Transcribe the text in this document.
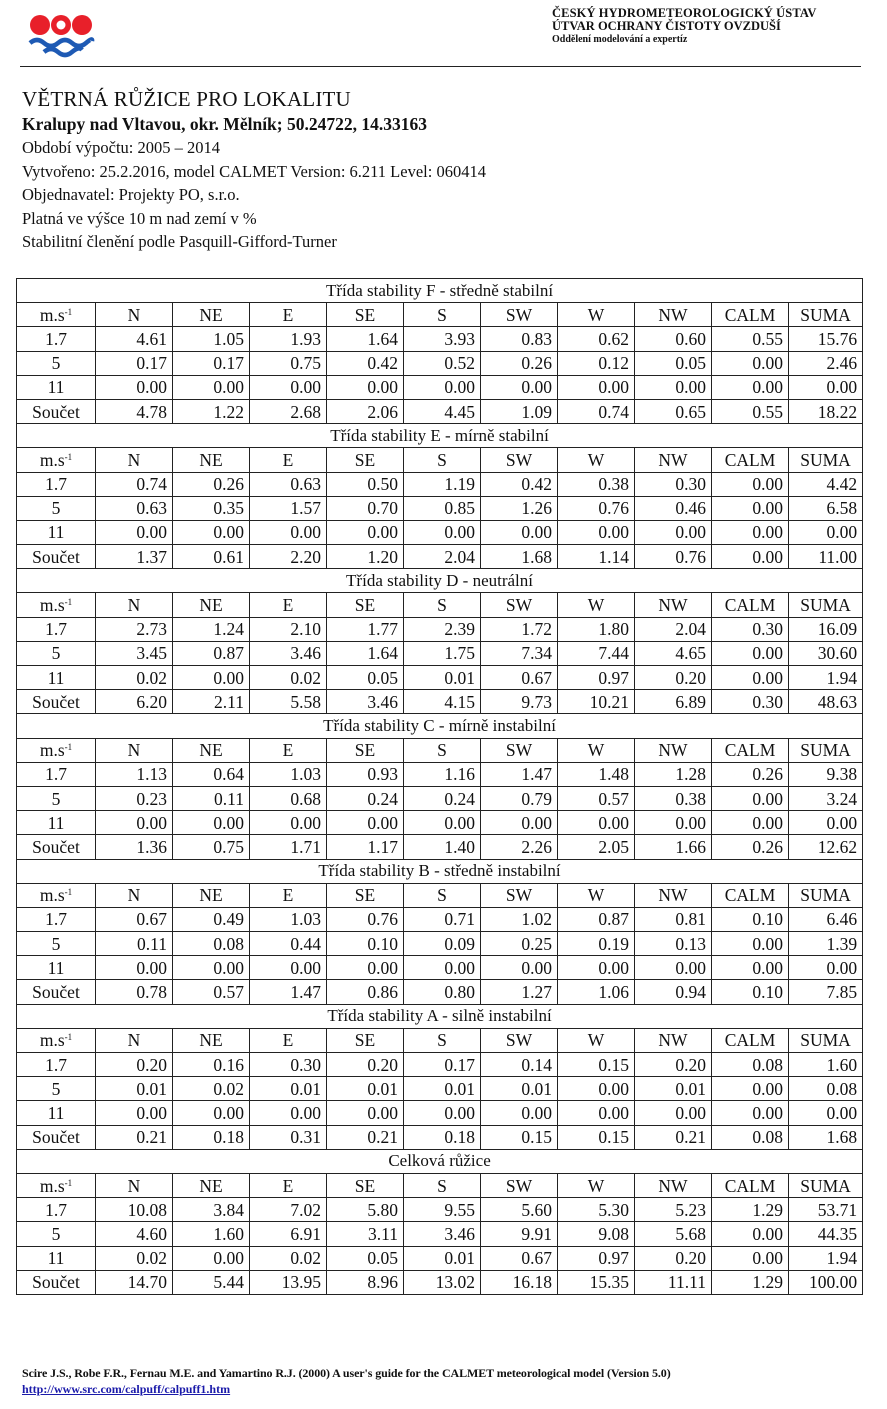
ČESKÝ HYDROMETEOROLOGICKÝ ÚSTAV
ÚTVAR OCHRANY ČISTOTY OVZDUŠÍ
Oddělení modelování a expertíz
VĚTRNÁ RŮŽICE PRO LOKALITU
Kralupy nad Vltavou, okr. Mělník; 50.24722, 14.33163
Období výpočtu: 2005 – 2014
Vytvořeno: 25.2.2016, model CALMET Version: 6.211 Level: 060414
Objednavatel: Projekty PO, s.r.o.
Platná ve výšce 10 m nad zemí v %
Stabilitní členění podle Pasquill-Gifford-Turner
Třída stability F - středně stabilní										
$m.s^{-1}$	N	NE	E	SE	S	SW	W	NW	CALM	SUMA
1.7	4.61	1.05	1.93	1.64	3.93	0.83	0.62	0.60	0.55	15.76
5	0.17	0.17	0.75	0.42	0.52	0.26	0.12	0.05	0.00	2.46
11	0.00	0.00	0.00	0.00	0.00	0.00	0.00	0.00	0.00	0.00
Součet	4.78	1.22	2.68	2.06	4.45	1.09	0.74	0.65	0.55	18.22
Třída stability E - mírně stabilní										
$m.s^{-1}$	N	NE	E	SE	S	SW	W	NW	CALM	SUMA
1.7	0.74	0.26	0.63	0.50	1.19	0.42	0.38	0.30	0.00	4.42
5	0.63	0.35	1.57	0.70	0.85	1.26	0.76	0.46	0.00	6.58
11	0.00	0.00	0.00	0.00	0.00	0.00	0.00	0.00	0.00	0.00
Součet	1.37	0.61	2.20	1.20	2.04	1.68	1.14	0.76	0.00	11.00
Třída stability D - neutrální										
$m.s^{-1}$	N	NE	E	SE	S	SW	W	NW	CALM	SUMA
1.7	2.73	1.24	2.10	1.77	2.39	1.72	1.80	2.04	0.30	16.09
5	3.45	0.87	3.46	1.64	1.75	7.34	7.44	4.65	0.00	30.60
11	0.02	0.00	0.02	0.05	0.01	0.67	0.97	0.20	0.00	1.94
Součet	6.20	2.11	5.58	3.46	4.15	9.73	10.21	6.89	0.30	48.63
Třída stability C - mírně instabilní										
$m.s^{-1}$	N	NE	E	SE	S	SW	W	NW	CALM	SUMA
1.7	1.13	0.64	1.03	0.93	1.16	1.47	1.48	1.28	0.26	9.38
5	0.23	0.11	0.68	0.24	0.24	0.79	0.57	0.38	0.00	3.24
11	0.00	0.00	0.00	0.00	0.00	0.00	0.00	0.00	0.00	0.00
Součet	1.36	0.75	1.71	1.17	1.40	2.26	2.05	1.66	0.26	12.62
Třída stability B - středně instabilní										
$m.s^{-1}$	N	NE	E	SE	S	SW	W	NW	CALM	SUMA
1.7	0.67	0.49	1.03	0.76	0.71	1.02	0.87	0.81	0.10	6.46
5	0.11	0.08	0.44	0.10	0.09	0.25	0.19	0.13	0.00	1.39
11	0.00	0.00	0.00	0.00	0.00	0.00	0.00	0.00	0.00	0.00
Součet	0.78	0.57	1.47	0.86	0.80	1.27	1.06	0.94	0.10	7.85
Třída stability A - silně instabilní										
$m.s^{-1}$	N	NE	E	SE	S	SW	W	NW	CALM	SUMA
1.7	0.20	0.16	0.30	0.20	0.17	0.14	0.15	0.20	0.08	1.60
5	0.01	0.02	0.01	0.01	0.01	0.01	0.00	0.01	0.00	0.08
11	0.00	0.00	0.00	0.00	0.00	0.00	0.00	0.00	0.00	0.00
Součet	0.21	0.18	0.31	0.21	0.18	0.15	0.15	0.21	0.08	1.68
Celková růžice										
$m.s^{-1}$	N	NE	E	SE	S	SW	W	NW	CALM	SUMA
1.7	10.08	3.84	7.02	5.80	9.55	5.60	5.30	5.23	1.29	53.71
5	4.60	1.60	6.91	3.11	3.46	9.91	9.08	5.68	0.00	44.35
11	0.02	0.00	0.02	0.05	0.01	0.67	0.97	0.20	0.00	1.94
Součet	14.70	5.44	13.95	8.96	13.02	16.18	15.35	11.11	1.29	100.00
Scire J.S., Robe F.R., Fernau M.E. and Yamartino R.J. (2000) A user's guide for the CALMET meteorological model (Version 5.0)
http://www.src.com/calpuff/calpuff1.htm
